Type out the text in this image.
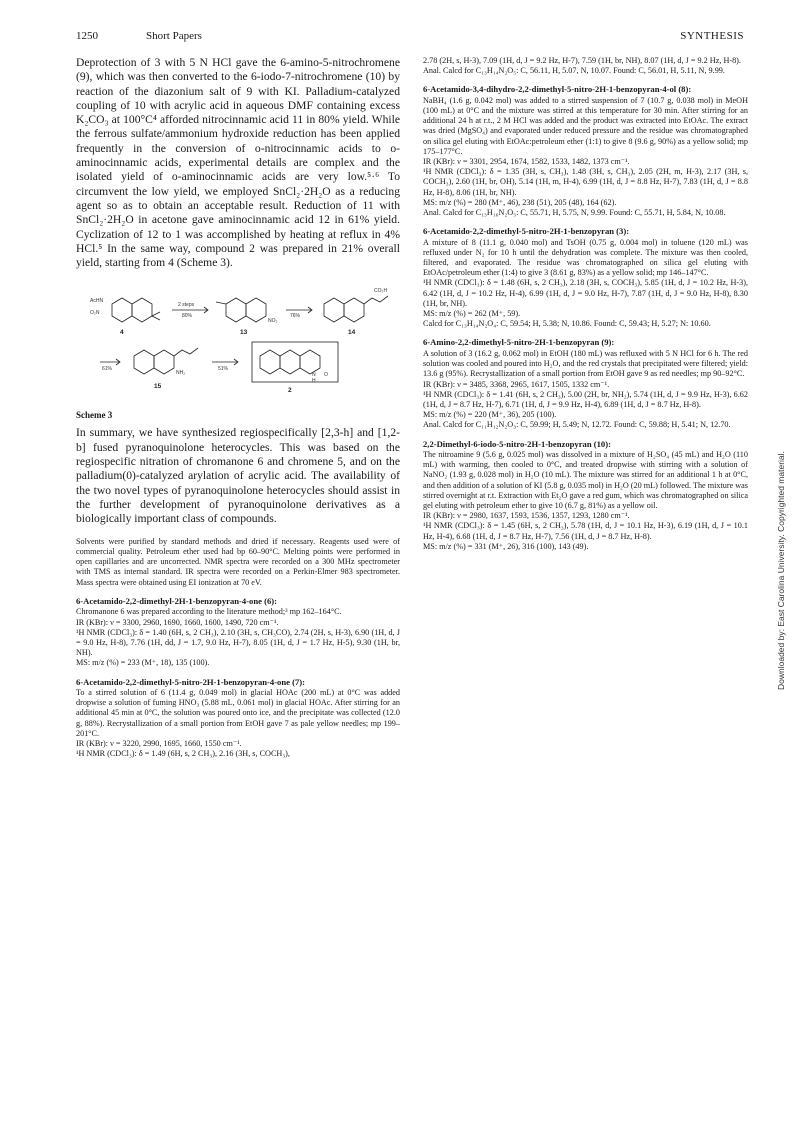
1250	Short Papers	SYNTHESIS

Deprotection of 3 with 5 N HCl gave the 6-amino-5-nitrochromene (9), which was then converted to the 6-iodo-7-nitrochromene (10) by reaction of the diazonium salt of 9 with KI. Palladium-catalyzed coupling of 10 with acrylic acid in aqueous DMF containing excess K₂CO₃ at 100°C⁴ afforded nitrocinnamic acid 11 in 80% yield. While the ferrous sulfate/ammonium hydroxide reduction has been applied frequently in the conversion of o-nitrocinnamic acids to o-aminocinnamic acids, experimental details are complex and the isolated yield of o-aminocinnamic acids are very low.⁵·⁶ To circumvent the low yield, we employed SnCl₂·2H₂O as a reducing agent so as to obtain an acceptable result. Reduction of 11 with SnCl₂·2H₂O in acetone gave aminocinnamic acid 12 in 61% yield. Cyclization of 12 to 1 was accomplished by heating at reflux in 4% HCl.⁵ In the same way, compound 2 was prepared in 21% overall yield, starting from 4 (Scheme 3).

AcHN
O₂N
2 steps
80%
NO₂
76%
CO₂H
NH₂
61%	51%
N
H
O
4	13	14
15
2
Scheme 3

In summary, we have synthesized regiospecifically [2,3-h] and [1,2-b] fused pyranoquinolone heterocycles. This was based on the regiospecific nitration of chromanone 6 and chromene 5, and on the palladium(0)-catalyzed arylation of acrylic acid. The availability of the two novel types of pyranoquinolone heterocycles should assist in the further development of pyranoquinolone derivatives as a biologically important class of compounds.

Solvents were purified by standard methods and dried if necessary. Reagents used were of commercial quality. Petroleum ether used had bp 60–90°C. Melting points were performed in open capillaries and are uncorrected. NMR spectra were recorded on a 300 MHz spectrometer with TMS as internal standard. IR spectra were recorded on a Perkin-Elmer 983 spectrometer. Mass spectra were obtained using EI ionization at 70 eV.

6-Acetamido-2,2-dimethyl-2H-1-benzopyran-4-one (6):

Chromanone 6 was prepared according to the literature method;³ mp 162–164°C.

IR (KBr): ν = 3300, 2960, 1690, 1660, 1600, 1490, 720 cm⁻¹.

¹H NMR (CDCl₃): δ = 1.40 (6H, s, 2 CH₃), 2.10 (3H, s, CH₃CO), 2.74 (2H, s, H-3), 6.90 (1H, d, J = 9.0 Hz, H-8), 7.76 (1H, dd, J = 1.7, 9.0 Hz, H-7), 8.05 (1H, d, J = 1.7 Hz, H-5), 9.30 (1H, br, NH).

MS: m/z (%) = 233 (M⁺, 18), 135 (100).

6-Acetamido-2,2-dimethyl-5-nitro-2H-1-benzopyran-4-one (7):

To a stirred solution of 6 (11.4 g, 0.049 mol) in glacial HOAc (200 mL) at 0°C was added dropwise a solution of fuming HNO₃ (5.88 mL, 0.061 mol) in glacial HOAc. After stirring for an additional 45 min at 0°C, the solution was poured onto ice, and the precipitate was collected (12.0 g, 88%). Recrystallization of a small portion from EtOH gave 7 as pale yellow needles; mp 199–201°C.

IR (KBr): ν = 3220, 2990, 1695, 1660, 1550 cm⁻¹.

¹H NMR (CDCl₃): δ = 1.49 (6H, s, 2 CH₃), 2.16 (3H, s, COCH₃),

2.78 (2H, s, H-3), 7.09 (1H, d, J = 9.2 Hz, H-7), 7.59 (1H, br, NH), 8.07 (1H, d, J = 9.2 Hz, H-8).

Anal. Calcd for C₁₃H₁₄N₂O₅: C, 56.11, H, 5.07, N, 10.07. Found: C, 56.01, H, 5.11, N, 9.99.

6-Acetamido-3,4-dihydro-2,2-dimethyl-5-nitro-2H-1-benzopyran-4-ol (8):

NaBH₄ (1.6 g, 0.042 mol) was added to a stirred suspension of 7 (10.7 g, 0.038 mol) in MeOH (100 mL) at 0°C and the mixture was stirred at this temperature for 30 min. After stirring for an additional 24 h at r.t., 2 M HCl was added and the product was extracted into EtOAc. The extract was dried (MgSO₄) and evaporated under reduced pressure and the residue was chromatographed on silica gel eluting with EtOAc:petroleum ether (1:1) to give 8 (9.6 g, 90%) as a yellow solid; mp 175–177°C.

IR (KBr): ν = 3301, 2954, 1674, 1582, 1533, 1482, 1373 cm⁻¹.

¹H NMR (CDCl₃): δ = 1.35 (3H, s, CH₃), 1.48 (3H, s, CH₃), 2.05 (2H, m, H-3), 2.17 (3H, s, COCH₃), 2.60 (1H, br, OH), 5.14 (1H, m, H-4), 6.99 (1H, d, J = 8.8 Hz, H-7), 7.83 (1H, d, J = 8.8 Hz, H-8), 8.06 (1H, br, NH).

MS: m/z (%) = 280 (M⁺, 46), 238 (51), 205 (48), 164 (62).

Anal. Calcd for C₁₃H₁₆N₂O₅: C, 55.71, H, 5.75, N, 9.99. Found: C, 55.71, H, 5.84, N, 10.08.

6-Acetamido-2,2-dimethyl-5-nitro-2H-1-benzopyran (3):

A mixture of 8 (11.1 g, 0.040 mol) and TsOH (0.75 g, 0.004 mol) in toluene (120 mL) was refluxed under N₂ for 10 h until the dehydration was complete. The mixture was then cooled, filtered, and evaporated. The residue was chromatographed on silica gel eluting with EtOAc/petroleum ether (1:4) to give 3 (8.61 g, 83%) as a yellow solid; mp 146–147°C.

¹H NMR (CDCl₃): δ = 1.48 (6H, s, 2 CH₃), 2.18 (3H, s, COCH₃), 5.85 (1H, d, J = 10.2 Hz, H-3), 6.42 (1H, d, J = 10.2 Hz, H-4), 6.99 (1H, d, J = 9.0 Hz, H-7), 7.87 (1H, d, J = 9.0 Hz, H-8), 8.30 (1H, br, NH).

MS: m/z (%) = 262 (M⁺, 59).

Calcd for C₁₃H₁₄N₂O₄: C, 59.54; H, 5.38; N, 10.86. Found: C, 59.43; H, 5.27; N: 10.60.

6-Amino-2,2-dimethyl-5-nitro-2H-1-benzopyran (9):

A solution of 3 (16.2 g, 0.062 mol) in EtOH (180 mL) was refluxed with 5 N HCl for 6 h. The red solution was cooled and poured into H₂O, and the red crystals that precipitated were filtered; yield: 13.6 g (95%). Recrystallization of a small portion from EtOH gave 9 as red needles; mp 90–92°C.

IR (KBr): ν = 3485, 3368, 2965, 1617, 1505, 1332 cm⁻¹.

¹H NMR (CDCl₃): δ = 1.41 (6H, s, 2 CH₃), 5.00 (2H, br, NH₂), 5.74 (1H, d, J = 9.9 Hz, H-3), 6.62 (1H, d, J = 8.7 Hz, H-7), 6.71 (1H, d, J = 9.9 Hz, H-4), 6.89 (1H, d, J = 8.7 Hz, H-8).

MS: m/z (%) = 220 (M⁺, 36), 205 (100).

Anal. Calcd for C₁₁H₁₂N₂O₃: C, 59.99; H, 5.49; N, 12.72. Found: C, 59.88; H, 5.41; N, 12.70.

2,2-Dimethyl-6-iodo-5-nitro-2H-1-benzopyran (10):

The nitroamine 9 (5.6 g, 0.025 mol) was dissolved in a mixture of H₂SO₄ (45 mL) and H₂O (110 mL) with warming, then cooled to 0°C, and treated dropwise with stirring with a solution of NaNO₂ (1.93 g, 0.028 mol) in H₂O (10 mL). The mixture was stirred for an additional 1 h at 0°C, and then addition of a solution of KI (5.8 g, 0.035 mol) in H₂O (20 mL) followed. The mixture was stirred overnight at r.t. Extraction with Et₂O gave a red gum, which was chromatographed on silica gel eluting with petroleum ether to give 10 (6.7 g, 81%) as a yellow oil.

IR (KBr): ν = 2980, 1637, 1593, 1536, 1357, 1293, 1280 cm⁻¹.

¹H NMR (CDCl₃): δ = 1.45 (6H, s, 2 CH₃), 5.78 (1H, d, J = 10.1 Hz, H-3), 6.19 (1H, d, J = 10.1 Hz, H-4), 6.68 (1H, d, J = 8.7 Hz, H-7), 7.56 (1H, d, J = 8.7 Hz, H-8).

MS: m/z (%) = 331 (M⁺, 26), 316 (100), 143 (49).	Downloaded by: East Carolina University. Copyrighted material.
